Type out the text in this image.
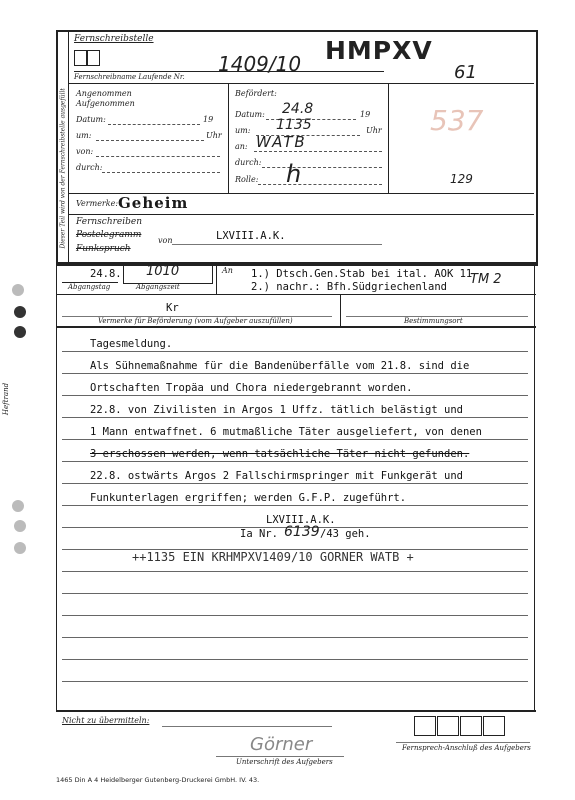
Heftrand
Dieser Teil wird von der Fernschreibstelle ausgefüllt
Fernschreibstelle
Fernschreibname Laufende Nr.
1409/10 HMPXV
61
537
129
Angenommen
Aufgenommen
Datum:	19
um:	Uhr
von:
durch:
Befördert:
Datum: 24.8	19
um: 1135	Uhr
an: WATB
durch:
Rolle: h
Vermerke: Geheim
Fernschreiben
Postelegramm
Funkspruch
von	LXVIII.A.K.
24.8.
Abgangstag
1010
Abgangszeit
An 1.) Dtsch.Gen.Stab bei ital. AOK 11
2.) nachr.: Bfh.Südgriechenland TM 2
Kr
Vermerke für Beförderung (vom Aufgeber auszufüllen)	Bestimmungsort
Tagesmeldung.
Als Sühnemaßnahme für die Bandenüberfälle vom 21.8. sind die
Ortschaften Tropäa und Chora niedergebrannt worden.
22.8. von Zivilisten in Argos 1 Uffz. tätlich belästigt und
1 Mann entwaffnet. 6 mutmaßliche Täter ausgeliefert, von denen
3 erschossen werden, wenn tatsächliche Täter nicht gefunden.
22.8. ostwärts Argos 2 Fallschirmspringer mit Funkgerät und
Funkunterlagen ergriffen; werden G.F.P. zugeführt.
LXVIII.A.K.
Ia Nr. 6139 /43 geh.
++1135 EIN KRHMPXV1409/10 GORNER WATB +
Nicht zu übermitteln:
Görner
Unterschrift des Aufgebers
Fernsprech-Anschluß des Aufgebers
1465 Din A 4 Heidelberger Gutenberg-Druckerei GmbH. IV. 43.
